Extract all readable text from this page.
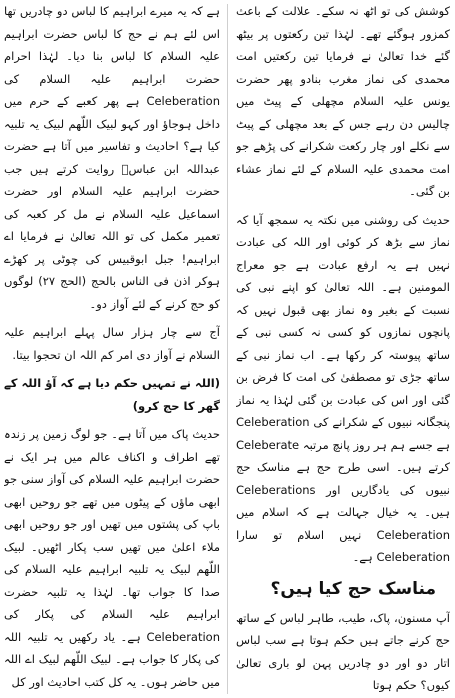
کوشش کی تو اٹھ نہ سکے۔ علالت کے باعث کمزور ہوگئے تھے۔ لہٰذا تین رکعتوں پر بیٹھ گئے خدا تعالیٰ نے فرمایا تین رکعتیں امت محمدی کی نماز مغرب بنادو پھر حضرت یونس علیہ السلام مچھلی کے پیٹ میں چالیس دن رہے جس کے بعد مچھلی کے پیٹ سے نکلے اور چار رکعت شکرانے کی پڑھے جو امت محمدی علیہ السلام کے لئے نماز عشاء بن گئی۔

حدیث کی روشنی میں نکتہ یہ سمجھ آیا کہ نماز سے بڑھ کر کوئی اور اللہ کی عبادت نہیں ہے یہ ارفع عبادت ہے جو معراج المومنین ہے۔ اللہ تعالیٰ کو اپنے نبی کی نسبت کے بغیر وہ نماز بھی قبول نہیں کہ پانچوں نمازوں کو کسی نہ کسی نبی کے ساتھ پیوستہ کر رکھا ہے۔ اب نماز نبی کے ساتھ جڑی تو مصطفیٰ کی امت کا فرض بن گئی اور اس کی عبادت بن گئی لہٰذا یہ نماز پنجگانہ نبیوں کے شکرانے کی Celeberation ہے جسے ہم ہر روز پانچ مرتبہ Celeberate کرتے ہیں۔ اسی طرح حج ہے مناسک حج نبیوں کی یادگاریں اور Celeberations ہیں۔ یہ خیال جہالت ہے کہ اسلام میں Celeberation نہیں اسلام تو سارا Celeberation ہے۔

مناسک حج کیا ہیں؟

آپ مسنون، پاک، طیب، طاہر لباس کے ساتھ حج کرنے جاتے ہیں حکم ہوتا ہے سب لباس اتار دو اور دو چادریں پہن لو باری تعالیٰ کیوں؟ حکم ہوتا

ہے کہ یہ میرے ابراہیم کا لباس دو چادریں تھا اس لئے ہم نے حج کا لباس حضرت ابراہیم علیہ السلام کا لباس بنا دیا۔ لہٰذا احرام حضرت ابراہیم علیہ السلام کی Celeberation ہے پھر کعبے کے حرم میں داخل ہوجاؤ اور کہو لبیک اللّھم لبیک یہ تلبیہ کیا ہے؟ احادیث و تفاسیر میں آتا ہے حضرت عبداللہ ابن عباسؓ روایت کرتے ہیں جب حضرت ابراہیم علیہ السلام اور حضرت اسماعیل علیہ السلام نے مل کر کعبہ کی تعمیر مکمل کی تو اللہ تعالیٰ نے فرمایا اے ابراہیم! جبل ابوقبیس کی چوٹی پر کھڑے ہوکر اذن فی الناس بالحج (الحج ۲۷) لوگوں کو حج کرنے کے لئے آواز دو۔

آج سے چار ہزار سال پہلے ابراہیم علیہ السلام نے آواز دی امر کم اللہ ان تحجوا بیتا.

(اللہ نے تمہیں حکم دیا ہے کہ آؤ اللہ کے گھر کا حج کرو)

حدیث پاک میں آتا ہے۔ جو لوگ زمین پر زندہ تھے اطراف و اکناف عالم میں ہر ایک نے حضرت ابراہیم علیہ السلام کی آواز سنی جو ابھی ماؤں کے پیٹوں میں تھے جو روحیں ابھی باپ کی پشتوں میں تھیں اور جو روحیں ابھی ملاء اعلیٰ میں تھیں سب پکار اٹھیں۔ لبیک اللّھم لبیک یہ تلبیہ ابراہیم علیہ السلام کی صدا کا جواب تھا۔ لہٰذا یہ تلبیہ حضرت ابراہیم علیہ السلام کی پکار کی Celeberation ہے۔ یاد رکھیں یہ تلبیہ اللہ کی پکار کا جواب ہے۔ لبیک اللّھم لبیک اے اللہ میں حاضر ہوں۔ یہ کل کتب احادیث اور کل
